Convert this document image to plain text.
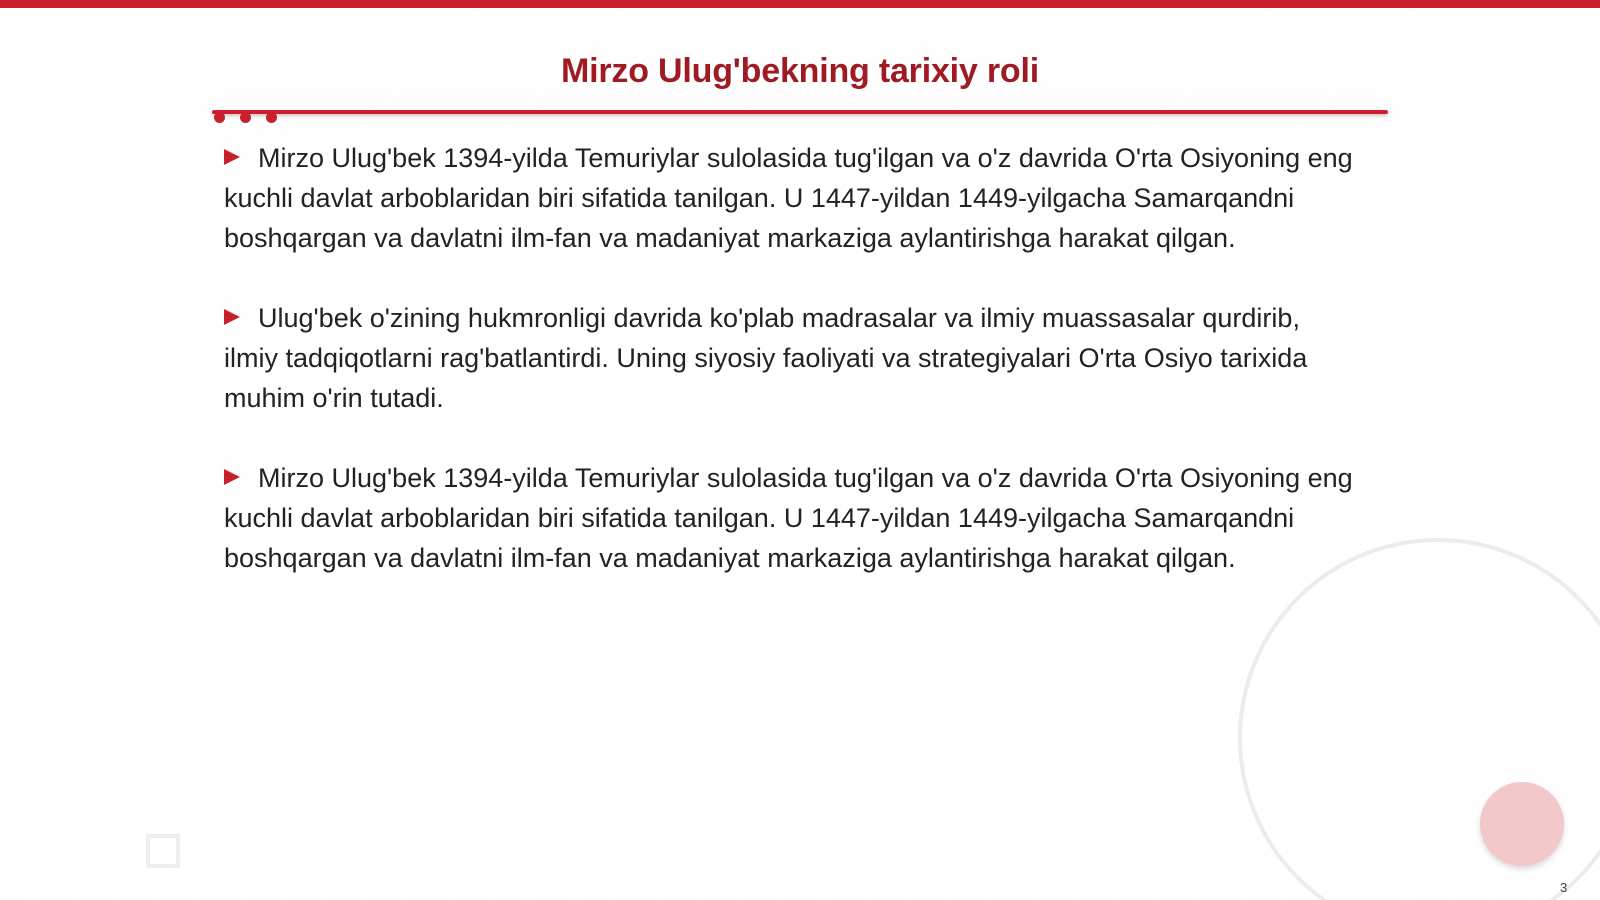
Mirzo Ulug'bekning tarixiy roli

Mirzo Ulug'bek 1394-yilda Temuriylar sulolasida tug'ilgan va o'z davrida O'rta Osiyoning eng kuchli davlat arboblaridan biri sifatida tanilgan. U 1447-yildan 1449-yilgacha Samarqandni boshqargan va davlatni ilm-fan va madaniyat markaziga aylantirishga harakat qilgan.

Ulug'bek o'zining hukmronligi davrida ko'plab madrasalar va ilmiy muassasalar qurdirib, ilmiy tadqiqotlarni rag'batlantirdi. Uning siyosiy faoliyati va strategiyalari O'rta Osiyo tarixida muhim o'rin tutadi.

Mirzo Ulug'bek 1394-yilda Temuriylar sulolasida tug'ilgan va o'z davrida O'rta Osiyoning eng kuchli davlat arboblaridan biri sifatida tanilgan. U 1447-yildan 1449-yilgacha Samarqandni boshqargan va davlatni ilm-fan va madaniyat markaziga aylantirishga harakat qilgan.

3
